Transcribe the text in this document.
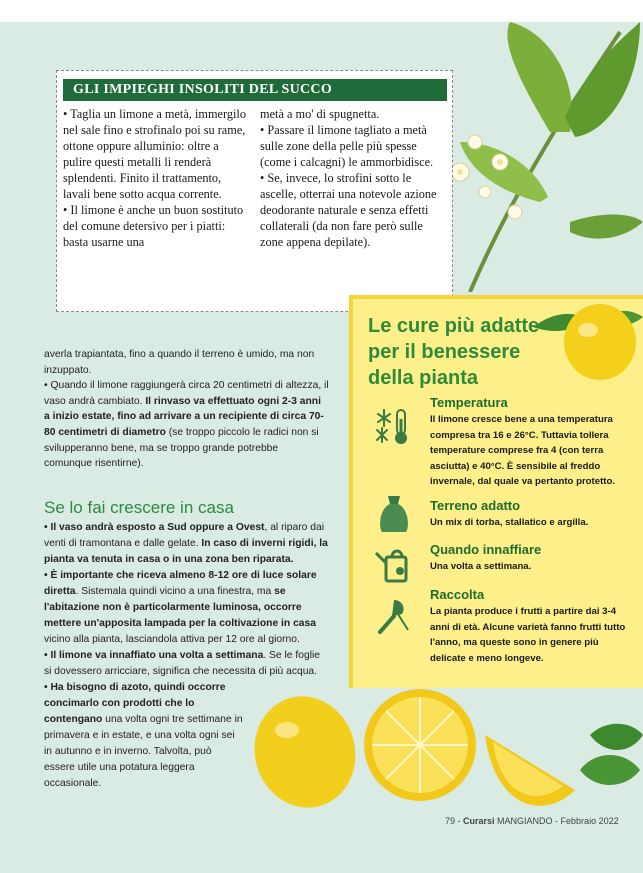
GLI IMPIEGHI INSOLITI DEL SUCCO

• Taglia un limone a metà, immergilo nel sale fino e strofinalo poi su rame, ottone oppure alluminio: oltre a pulire questi metalli li renderà splendenti. Finito il trattamento, lavali bene sotto acqua corrente.

• Il limone è anche un buon sostituto del comune detersivo per i piatti: basta usarne una

metà a mo' di spugnetta.

• Passare il limone tagliato a metà sulle zone della pelle più spesse (come i calcagni) le ammorbidisce.

• Se, invece, lo strofini sotto le ascelle, otterrai una notevole azione deodorante naturale e senza effetti collaterali (da non fare però sulle zone appena depilate).

averla trapiantata, fino a quando il terreno è umido, ma non inzuppato.

• Quando il limone raggiungerà circa 20 centimetri di altezza, il vaso andrà cambiato. Il rinvaso va effettuato ogni 2-3 anni a inizio estate, fino ad arrivare a un recipiente di circa 70-80 centimetri di diametro (se troppo piccolo le radici non si svilupperanno bene, ma se troppo grande potrebbe comunque risentirne).

Se lo fai crescere in casa

• Il vaso andrà esposto a Sud oppure a Ovest, al riparo dai venti di tramontana e dalle gelate. In caso di inverni rigidi, la pianta va tenuta in casa o in una zona ben riparata.

• È importante che riceva almeno 8-12 ore di luce solare diretta. Sistemala quindi vicino a una finestra, ma se l'abitazione non è particolarmente luminosa, occorre mettere un'apposita lampada per la coltivazione in casa vicino alla pianta, lasciandola attiva per 12 ore al giorno.

• Il limone va innaffiato una volta a settimana. Se le foglie si dovessero arricciare, significa che necessita di più acqua.

• Ha bisogno di azoto, quindi occorre concimarlo con prodotti che lo contengano una volta ogni tre settimane in primavera e in estate, e una volta ogni sei in autunno e in inverno. Talvolta, può essere utile una potatura leggera occasionale.

Le cure più adatte per il benessere della pianta
Temperatura
Il limone cresce bene a una temperatura compresa tra 16 e 26°C. Tuttavia tollera temperature comprese fra 4 (con terra asciutta) e 40°C. È sensibile al freddo invernale, dal quale va pertanto protetto.
Terreno adatto
Un mix di torba, stallatico e argilla.
Quando innaffiare
Una volta a settimana.
Raccolta
La pianta produce i frutti a partire dai 3-4 anni di età. Alcune varietà fanno frutti tutto l'anno, ma queste sono in genere più delicate e meno longeve.
79 - Curarsi MANGIANDO - Febbraio 2022
